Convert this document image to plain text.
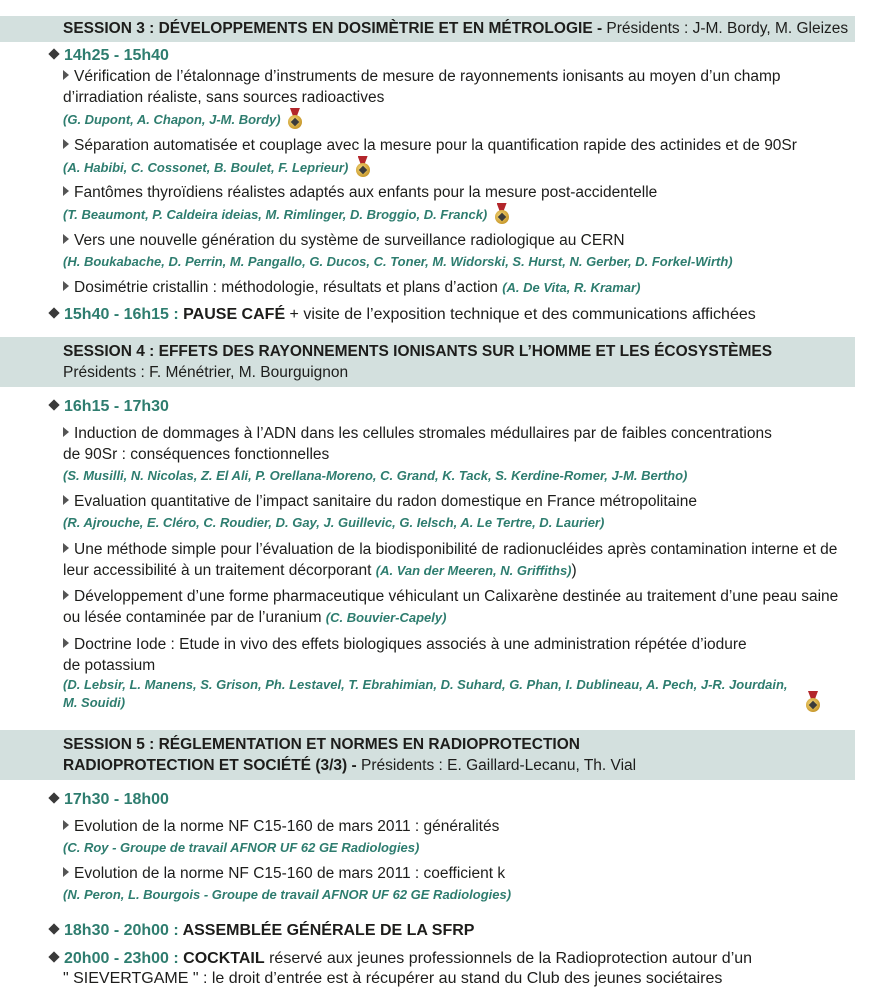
SESSION 3 : DÉVELOPPEMENTS EN DOSIMÈTRIE ET EN MÉTROLOGIE - Présidents : J-M. Bordy, M. Gleizes
14h25 - 15h40
Vérification de l’étalonnage d’instruments de mesure de rayonnements ionisants au moyen d’un champ d’irradiation réaliste, sans sources radioactives
(G. Dupont, A. Chapon, J-M. Bordy)
Séparation automatisée et couplage avec la mesure pour la quantification rapide des actinides et de 90Sr
(A. Habibi, C. Cossonet, B. Boulet, F. Leprieur)
Fantômes thyroïdiens réalistes adaptés aux enfants pour la mesure post-accidentelle
(T. Beaumont, P. Caldeira ideias, M. Rimlinger, D. Broggio, D. Franck)
Vers une nouvelle génération du système de surveillance radiologique au CERN
(H. Boukabache, D. Perrin, M. Pangallo, G. Ducos, C. Toner, M. Widorski, S. Hurst, N. Gerber, D. Forkel-Wirth)
Dosimétrie cristallin : méthodologie, résultats et plans d’action (A. De Vita, R. Kramar)
15h40 - 16h15 : PAUSE CAFÉ + visite de l’exposition technique et des communications affichées
SESSION 4 : EFFETS DES RAYONNEMENTS IONISANTS SUR L’HOMME ET LES ÉCOSYSTÈMES
Présidents : F. Ménétrier, M. Bourguignon
16h15 - 17h30
Induction de dommages à l’ADN dans les cellules stromales médullaires par de faibles concentrations
de 90Sr : conséquences fonctionnelles
(S. Musilli, N. Nicolas, Z. El Ali, P. Orellana-Moreno, C. Grand, K. Tack, S. Kerdine-Romer, J-M. Bertho)
Evaluation quantitative de l’impact sanitaire du radon domestique en France métropolitaine
(R. Ajrouche, E. Cléro, C. Roudier, D. Gay, J. Guillevic, G. Ielsch, A. Le Tertre, D. Laurier)
Une méthode simple pour l’évaluation de la biodisponibilité de radionucléides après contamination interne et de leur accessibilité à un traitement décorporant (A. Van der Meeren, N. Griffiths))
Développement d’une forme pharmaceutique véhiculant un Calixarène destinée au traitement d’une peau saine ou lésée contaminée par de l’uranium (C. Bouvier-Capely)
Doctrine Iode : Etude in vivo des effets biologiques associés à une administration répétée d’iodure
de potassium
(D. Lebsir, L. Manens, S. Grison, Ph. Lestavel, T. Ebrahimian, D. Suhard, G. Phan, I. Dublineau, A. Pech, J-R. Jourdain, M. Souidi)
SESSION 5 : RÉGLEMENTATION ET NORMES EN RADIOPROTECTION
RADIOPROTECTION ET SOCIÉTÉ (3/3) - Présidents : E. Gaillard-Lecanu, Th. Vial
17h30 - 18h00
Evolution de la norme NF C15-160 de mars 2011 : généralités
(C. Roy - Groupe de travail AFNOR UF 62 GE Radiologies)
Evolution de la norme NF C15-160 de mars 2011 : coefficient k
(N. Peron, L. Bourgois - Groupe de travail AFNOR UF 62 GE Radiologies)
18h30 - 20h00 : ASSEMBLÉE GÉNÉRALE DE LA SFRP
20h00 - 23h00 : COCKTAIL réservé aux jeunes professionnels de la Radioprotection autour d’un
" SIEVERTGAME " : le droit d’entrée est à récupérer au stand du Club des jeunes sociétaires
